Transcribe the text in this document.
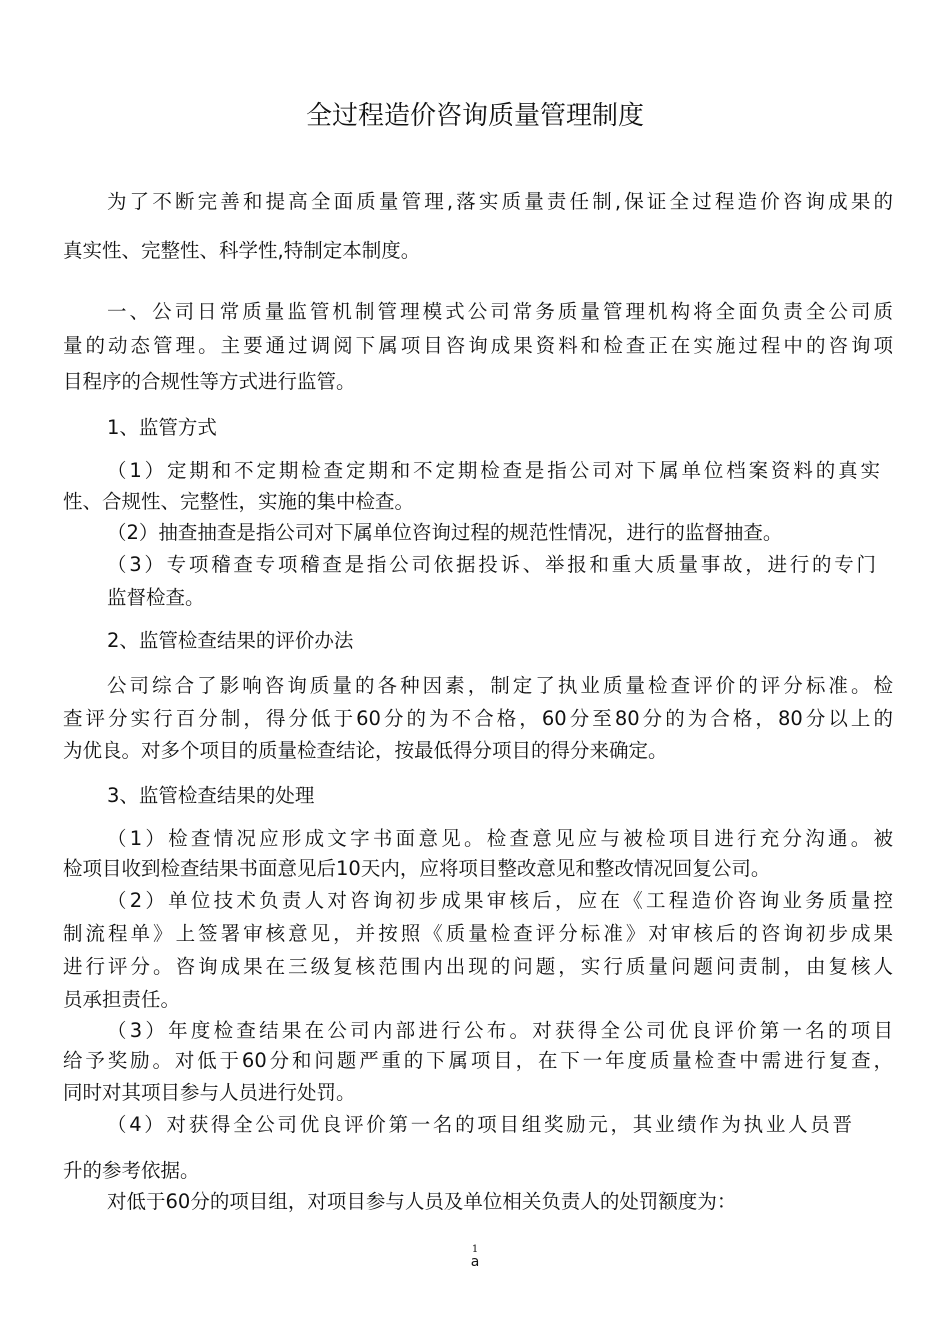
全过程造价咨询质量管理制度
为了不断完善和提高全面质量管理,落实质量责任制,保证全过程造价咨询成果的
真实性、完整性、科学性,特制定本制度。
一、公司日常质量监管机制管理模式公司常务质量管理机构将全面负责全公司质
量的动态管理。主要通过调阅下属项目咨询成果资料和检查正在实施过程中的咨询项
目程序的合规性等方式进行监管。
1、监管方式
（1）定期和不定期检查定期和不定期检查是指公司对下属单位档案资料的真实
性、合规性、完整性，实施的集中检查。
（2）抽查抽查是指公司对下属单位咨询过程的规范性情况，进行的监督抽查。
（3）专项稽查专项稽查是指公司依据投诉、举报和重大质量事故，进行的专门
监督检查。
2、监管检查结果的评价办法
公司综合了影响咨询质量的各种因素，制定了执业质量检查评价的评分标准。检
查评分实行百分制，得分低于60分的为不合格，60分至80分的为合格，80分以上的
为优良。对多个项目的质量检查结论，按最低得分项目的得分来确定。
3、监管检查结果的处理
（1）检查情况应形成文字书面意见。检查意见应与被检项目进行充分沟通。被
检项目收到检查结果书面意见后10天内，应将项目整改意见和整改情况回复公司。
（2）单位技术负责人对咨询初步成果审核后，应在《工程造价咨询业务质量控
制流程单》上签署审核意见，并按照《质量检查评分标准》对审核后的咨询初步成果
进行评分。咨询成果在三级复核范围内出现的问题，实行质量问题问责制，由复核人
员承担责任。
（3）年度检查结果在公司内部进行公布。对获得全公司优良评价第一名的项目
给予奖励。对低于60分和问题严重的下属项目，在下一年度质量检查中需进行复查，
同时对其项目参与人员进行处罚。
（4）对获得全公司优良评价第一名的项目组奖励元，其业绩作为执业人员晋
升的参考依据。
对低于60分的项目组，对项目参与人员及单位相关负责人的处罚额度为：
1
a
